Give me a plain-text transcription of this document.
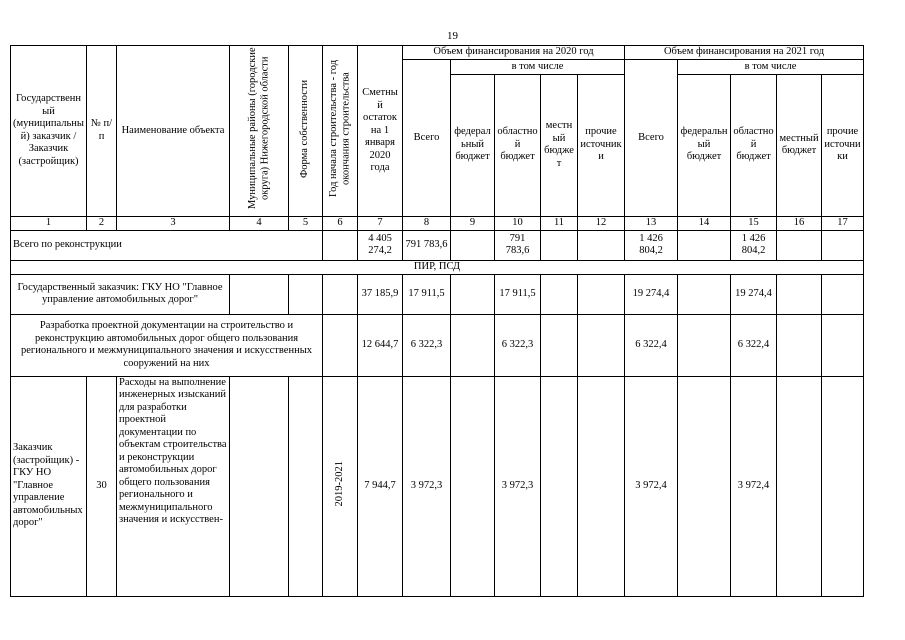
19
Государственный (муниципальный) заказчик / Заказчик (застройщик)	№ п/п	Наименование объекта	Муниципальные районы (городские округа) Нижегородской области	Форма собственности	Год начала строительства - год окончания строительства	Сметный остаток на 1 января 2020 года	Объем финансирования на 2020 год					Объем финансирования на 2021 год				
							Всего	в том числе				Всего	в том числе			
								федеральный бюджет	областной бюджет	местный бюджет	прочие источники		федеральный бюджет	областной бюджет	местный бюджет	прочие источники
1	2	3	4	5	6	7	8	9	10	11	12	13	14	15	16	17
Всего по реконструкции						4 405 274,2	791 783,6		791 783,6			1 426 804,2		1 426 804,2		
ПИР, ПСД																
Государственный заказчик: ГКУ НО "Главное управление автомобильных дорог"						37 185,9	17 911,5		17 911,5			19 274,4		19 274,4		
Разработка проектной документации на строительство и реконструкцию автомобильных дорог общего пользования регионального и межмуниципального значения и искусственных сооружений на них						12 644,7	6 322,3		6 322,3			6 322,4		6 322,4		
Заказчик (застройщик) - ГКУ НО "Главное управление автомобильных дорог"	30	Расходы на выполнение инженерных изысканий для разработки проектной документации по объектам строительства и реконструкции автомобильных дорог общего пользования регионального и межмуниципального значения и искусствен-			2019-2021	7 944,7	3 972,3		3 972,3			3 972,4		3 972,4		
